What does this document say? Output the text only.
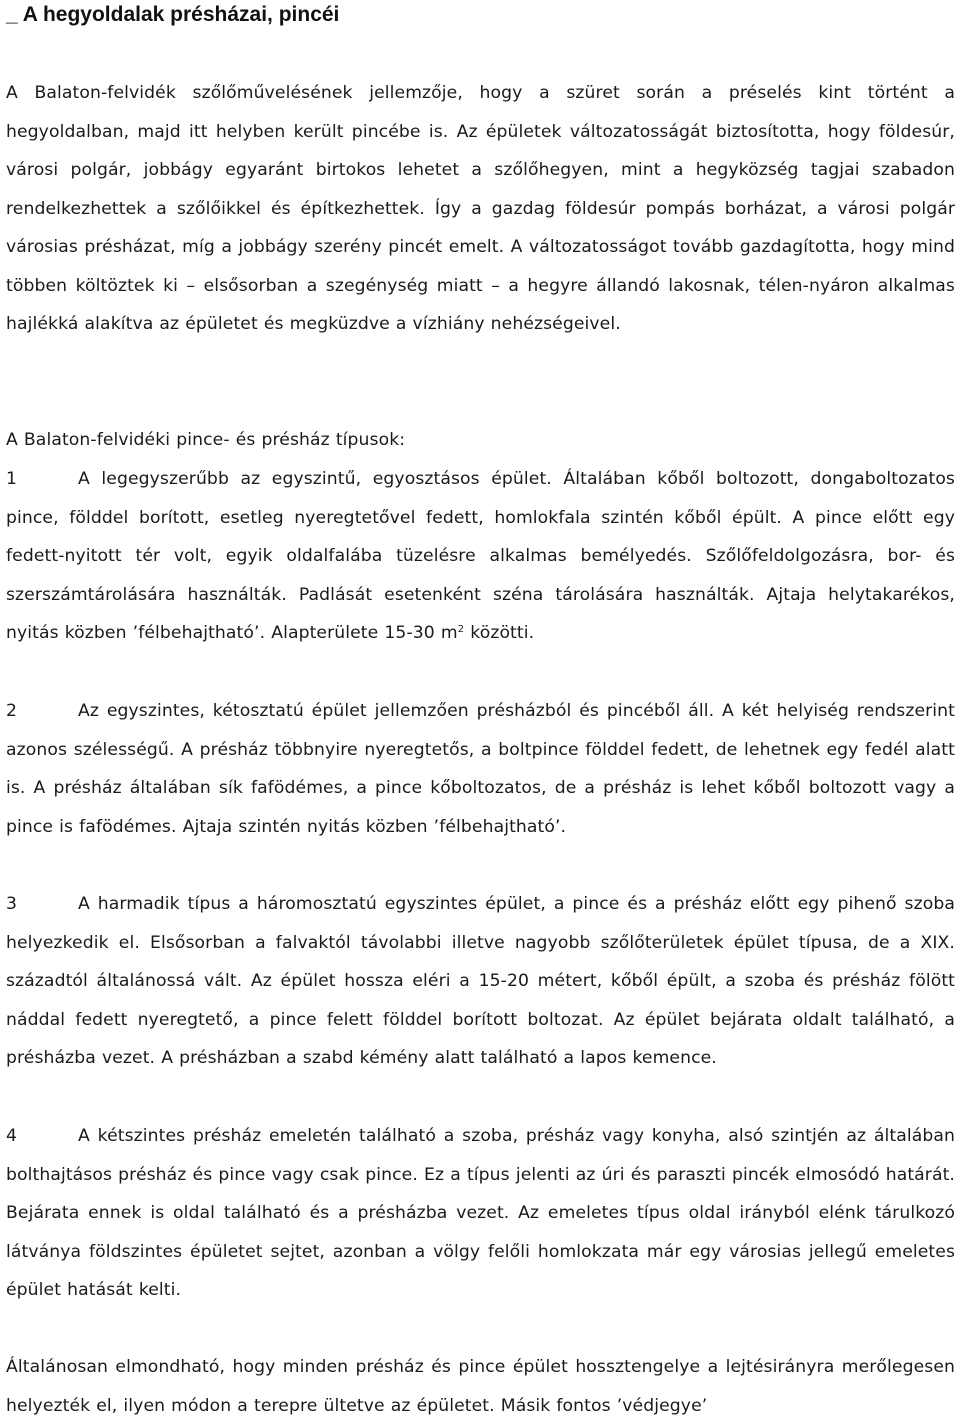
_ A hegyoldalak présházai, pincéi

A Balaton-felvidék szőlőművelésének jellemzője, hogy a szüret során a préselés kint történt a hegyoldalban, majd itt helyben került pincébe is. Az épületek változatosságát biztosította, hogy földesúr, városi polgár, jobbágy egyaránt birtokos lehetet a szőlőhegyen, mint a hegyközség tagjai szabadon rendelkezhettek a szőlőikkel és építkezhettek. Így a gazdag földesúr pompás borházat, a városi polgár városias présházat, míg a jobbágy szerény pincét emelt. A változatosságot tovább gazdagította, hogy mind többen költöztek ki – elsősorban a szegénység miatt – a hegyre állandó lakosnak, télen-nyáron alkalmas hajlékká alakítva az épületet és megküzdve a vízhiány nehézségeivel.

A Balaton-felvidéki pince- és présház típusok:

1	A legegyszerűbb az egyszintű, egyosztásos épület. Általában kőből boltozott, dongaboltozatos pince, földdel borított, esetleg nyeregtetővel fedett, homlokfala szintén kőből épült. A pince előtt egy fedett-nyitott tér volt, egyik oldalfalába tüzelésre alkalmas bemélyedés. Szőlőfeldolgozásra, bor- és szerszámtárolására használták. Padlását esetenként széna tárolására használták. Ajtaja helytakarékos, nyitás közben ’félbehajtható’. Alapterülete 15-30 $m^2$ közötti.

2	Az egyszintes, kétosztatú épület jellemzően présházból és pincéből áll. A két helyiség rendszerint azonos szélességű. A présház többnyire nyeregtetős, a boltpince földdel fedett, de lehetnek egy fedél alatt is. A présház általában sík fafödémes, a pince kőboltozatos, de a présház is lehet kőből boltozott vagy a pince is fafödémes. Ajtaja szintén nyitás közben ’félbehajtható’.

3	A harmadik típus a háromosztatú egyszintes épület, a pince és a présház előtt egy pihenő szoba helyezkedik el. Elsősorban a falvaktól távolabbi illetve nagyobb szőlőterületek épület típusa, de a XIX. századtól általánossá vált. Az épület hossza eléri a 15-20 métert, kőből épült, a szoba és présház fölött náddal fedett nyeregtető, a pince felett földdel borított boltozat. Az épület bejárata oldalt található, a présházba vezet. A présházban a szabd kémény alatt található a lapos kemence.

4	A kétszintes présház emeletén található a szoba, présház vagy konyha, alsó szintjén az általában bolthajtásos présház és pince vagy csak pince. Ez a típus jelenti az úri és paraszti pincék elmosódó határát. Bejárata ennek is oldal található és a présházba vezet. Az emeletes típus oldal irányból elénk tárulkozó látványa földszintes épületet sejtet, azonban a völgy felőli homlokzata már egy városias jellegű emeletes épület hatását kelti.

Általánosan elmondható, hogy minden présház és pince épület hossztengelye a lejtésirányra merőlegesen helyezték el, ilyen módon a terepre ültetve az épületet. Másik fontos ’védjegye’
